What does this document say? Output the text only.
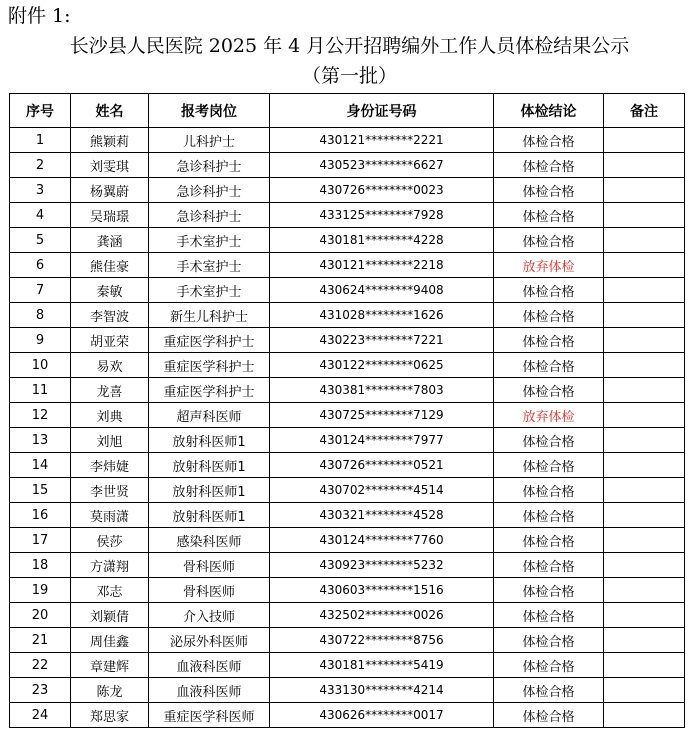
附件 1:
长沙县人民医院 2025 年 4 月公开招聘编外工作人员体检结果公示
（第一批）
序号	姓名	报考岗位	身份证号码	体检结论	备注
1	熊颖莉	儿科护士	430121********2221	体检合格	
2	刘雯琪	急诊科护士	430523********6627	体检合格	
3	杨翼蔚	急诊科护士	430726********0023	体检合格	
4	吴瑞璟	急诊科护士	433125********7928	体检合格	
5	龚涵	手术室护士	430181********4228	体检合格	
6	熊佳豪	手术室护士	430121********2218	放弃体检	
7	秦敏	手术室护士	430624********9408	体检合格	
8	李智波	新生儿科护士	431028********1626	体检合格	
9	胡亚荣	重症医学科护士	430223********7221	体检合格	
10	易欢	重症医学科护士	430122********0625	体检合格	
11	龙喜	重症医学科护士	430381********7803	体检合格	
12	刘典	超声科医师	430725********7129	放弃体检	
13	刘旭	放射科医师1	430124********7977	体检合格	
14	李炜婕	放射科医师1	430726********0521	体检合格	
15	李世贤	放射科医师1	430702********4514	体检合格	
16	莫雨潇	放射科医师1	430321********4528	体检合格	
17	侯莎	感染科医师	430124********7760	体检合格	
18	方潇翔	骨科医师	430923********5232	体检合格	
19	邓志	骨科医师	430603********1516	体检合格	
20	刘颖倩	介入技师	432502********0026	体检合格	
21	周佳鑫	泌尿外科医师	430722********8756	体检合格	
22	章建辉	血液科医师	430181********5419	体检合格	
23	陈龙	血液科医师	433130********4214	体检合格	
24	郑思家	重症医学科医师	430626********0017	体检合格	
